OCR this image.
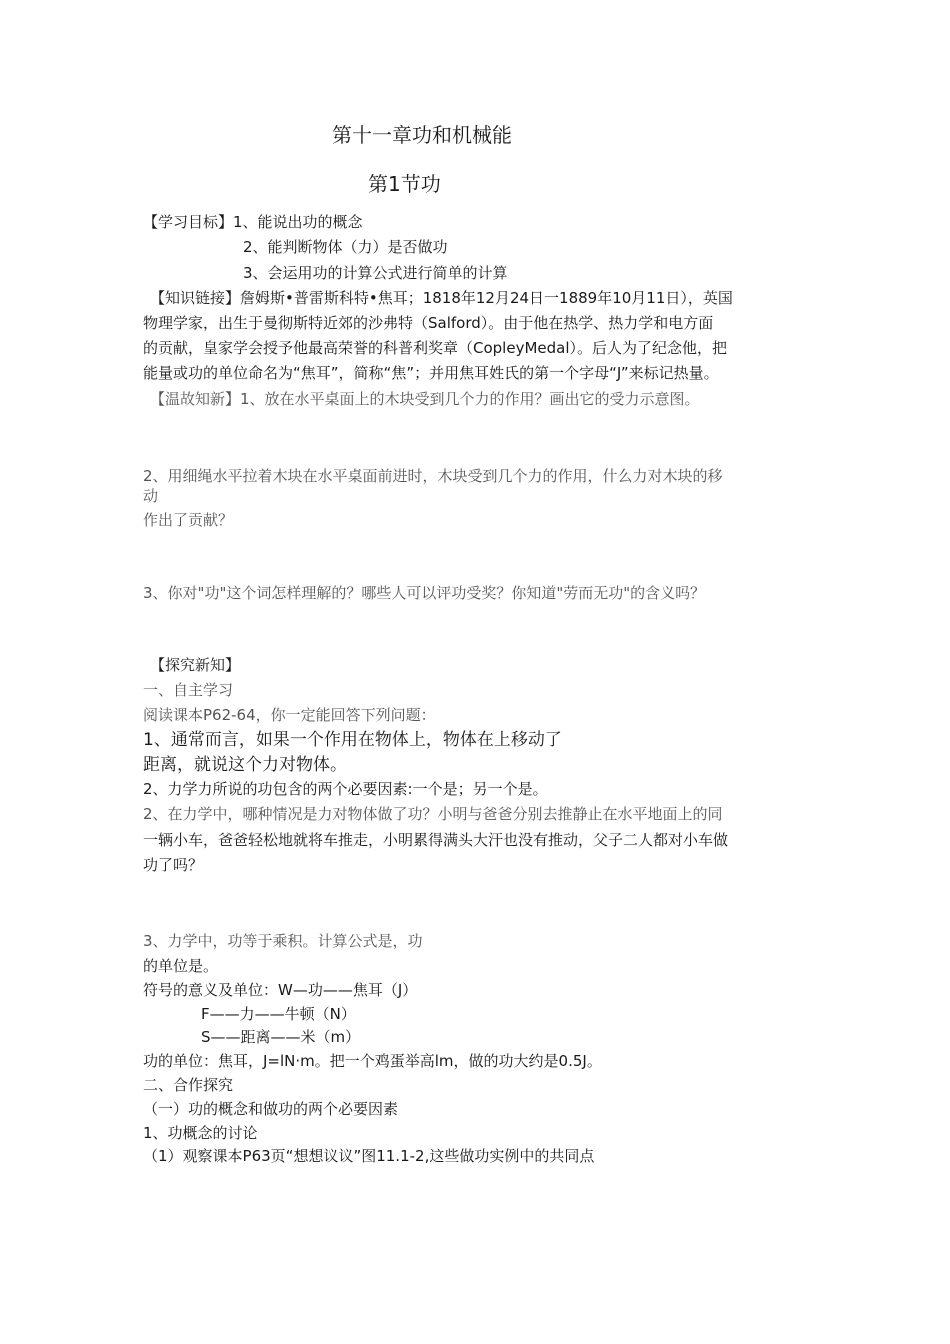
第十一章功和机械能
第1节功
【学习目标】1、能说出功的概念
2、能判断物体（力）是否做功
3、会运用功的计算公式进行简单的计算
【知识链接】詹姆斯•普雷斯科特•焦耳；1818年12月24日一1889年10月11日），英国
物理学家，出生于曼彻斯特近郊的沙弗特（Salford）。由于他在热学、热力学和电方面
的贡献，皇家学会授予他最高荣誉的科普利奖章（CopleyMedal）。后人为了纪念他，把
能量或功的单位命名为“焦耳”，简称“焦”；并用焦耳姓氏的第一个字母“J”来标记热量。
【温故知新】1、放在水平桌面上的木块受到几个力的作用？画出它的受力示意图。
2、用细绳水平拉着木块在水平桌面前进时，木块受到几个力的作用，什么力对木块的移
动
作出了贡献？
3、你对"功"这个词怎样理解的？哪些人可以评功受奖？你知道"劳而无功"的含义吗？
【探究新知】
一、自主学习
阅读课本P62-64，你一定能回答下列问题：
1、通常而言，如果一个作用在物体上，物体在上移动了
距离，就说这个力对物体。
2、力学力所说的功包含的两个必要因素:一个是；另一个是。
2、在力学中，哪种情况是力对物体做了功？小明与爸爸分别去推静止在水平地面上的同
一辆小车，爸爸轻松地就将车推走，小明累得满头大汗也没有推动，父子二人都对小车做
功了吗？
3、力学中，功等于乘积。计算公式是，功
的单位是。
符号的意义及单位：W—功——焦耳（J）
F——力——牛顿（N）
S——距离——米（m）
功的单位：焦耳，J=lN·m。把一个鸡蛋举高lm，做的功大约是0.5J。
二、合作探究
（一）功的概念和做功的两个必要因素
1、功概念的讨论
（1）观察课本P63页“想想议议”图11.1-2,这些做功实例中的共同点
